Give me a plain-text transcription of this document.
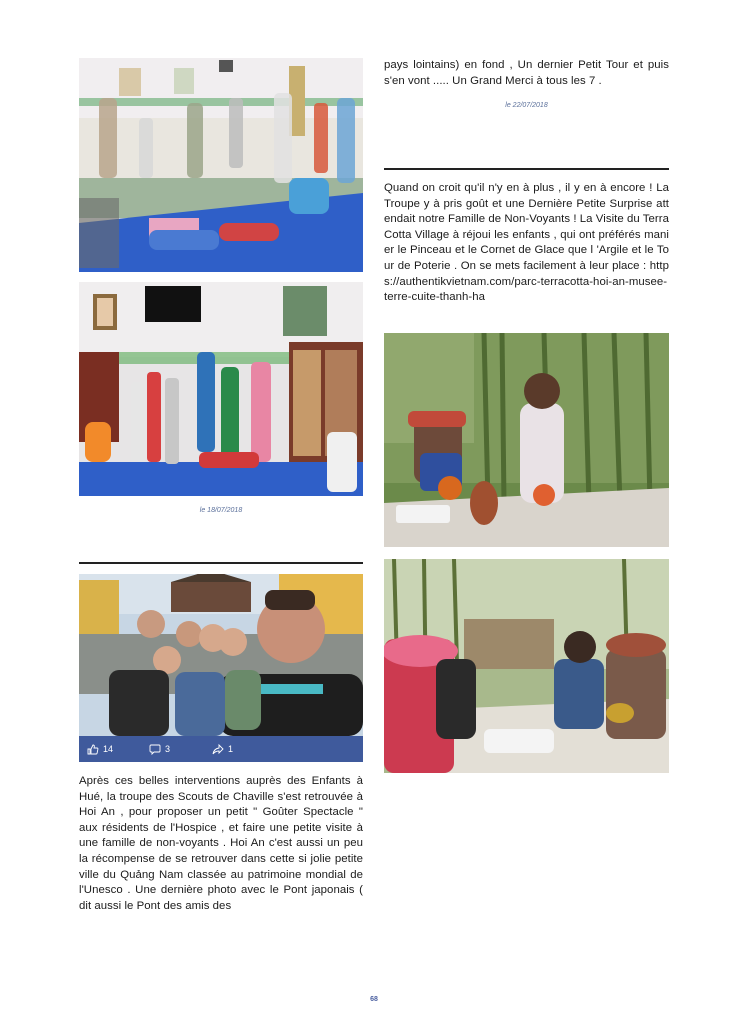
le 18/07/2018
pays lointains) en fond , Un dernier Petit Tour et puis s'en vont ..... Un Grand Merci à tous les 7 .
le 22/07/2018
Quand on croit qu'il n'y en à plus , il y en à encore ! La Troupe y à pris goût et une Dernière Petite Surprise attendait notre Famille de Non-Voyants ! La Visite du Terra Cotta Village à réjoui les enfants , qui ont préférés manier le Pinceau et le Cornet de Glace que l 'Argile et le Tour de Poterie . On se mets facilement à leur place : https://authentikvietnam.com/parc-terracotta-hoi-an-musee-terre-cuite-thanh-ha
14	3	1
Après ces belles interventions auprès des Enfants à Hué, la troupe des Scouts de Chaville s'est retrouvée à Hoi An , pour proposer un petit " Goûter Spectacle " aux résidents de l'Hospice , et faire une petite visite à une famille de non-voyants . Hoi An c'est aussi un peu la récompense de se retrouver dans cette si jolie petite ville du Quảng Nam classée au patrimoine mondial de l'Unesco . Une dernière photo avec le Pont japonais ( dit aussi le Pont des amis des
68
